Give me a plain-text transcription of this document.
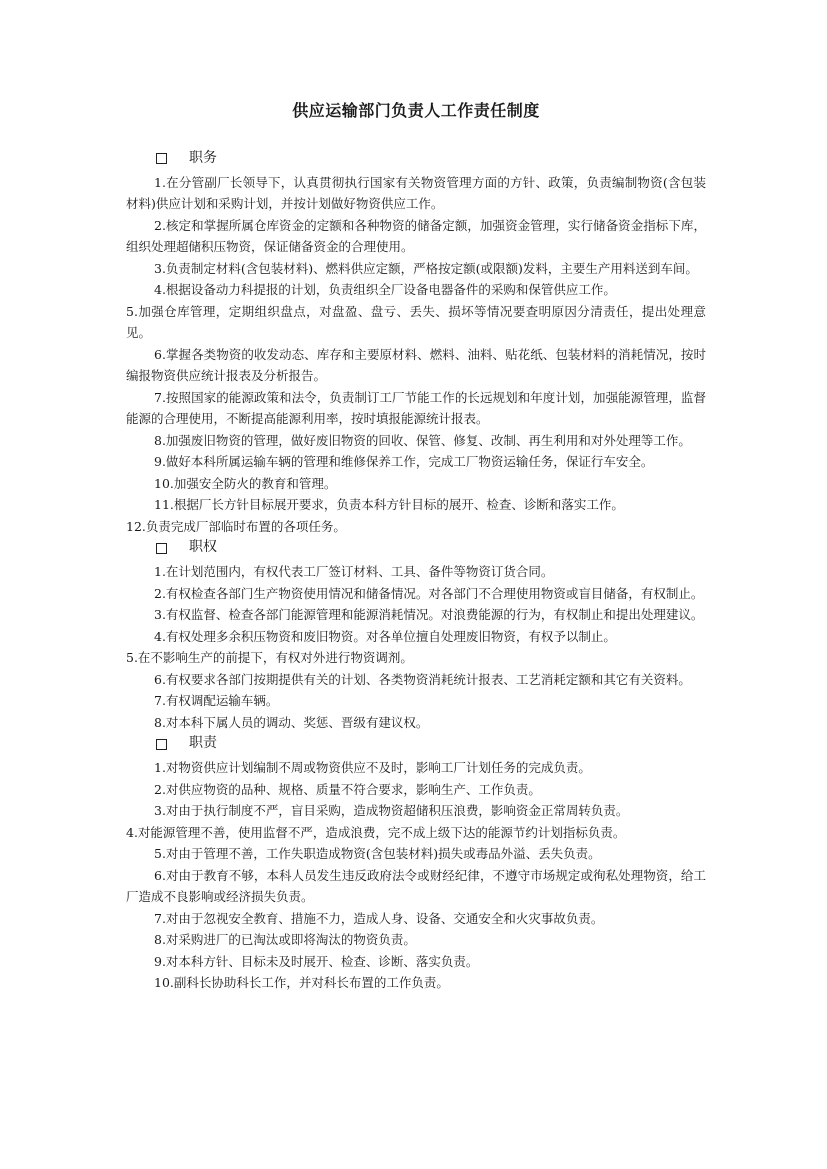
供应运输部门负责人工作责任制度
职务

1.在分管副厂长领导下，认真贯彻执行国家有关物资管理方面的方针、政策，负责编制物资(含包装材料)供应计划和采购计划，并按计划做好物资供应工作。

2.核定和掌握所属仓库资金的定额和各种物资的储备定额，加强资金管理，实行储备资金指标下库，组织处理超储积压物资，保证储备资金的合理使用。

3.负责制定材料(含包装材料)、燃料供应定额，严格按定额(或限额)发料，主要生产用料送到车间。

4.根据设备动力科提报的计划，负责组织全厂设备电器备件的采购和保管供应工作。

5.加强仓库管理，定期组织盘点，对盘盈、盘亏、丢失、损坏等情况要查明原因分清责任，提出处理意见。

6.掌握各类物资的收发动态、库存和主要原材料、燃料、油料、贴花纸、包装材料的消耗情况，按时编报物资供应统计报表及分析报告。

7.按照国家的能源政策和法令，负责制订工厂节能工作的长远规划和年度计划，加强能源管理，监督能源的合理使用，不断提高能源利用率，按时填报能源统计报表。

8.加强废旧物资的管理，做好废旧物资的回收、保管、修复、改制、再生利用和对外处理等工作。

9.做好本科所属运输车辆的管理和维修保养工作，完成工厂物资运输任务，保证行车安全。

10.加强安全防火的教育和管理。

11.根据厂长方针目标展开要求，负责本科方针目标的展开、检查、诊断和落实工作。

12.负责完成厂部临时布置的各项任务。

职权

1.在计划范围内，有权代表工厂签订材料、工具、备件等物资订货合同。

2.有权检查各部门生产物资使用情况和储备情况。对各部门不合理使用物资或盲目储备，有权制止。

3.有权监督、检查各部门能源管理和能源消耗情况。对浪费能源的行为，有权制止和提出处理建议。

4.有权处理多余积压物资和废旧物资。对各单位擅自处理废旧物资，有权予以制止。

5.在不影响生产的前提下，有权对外进行物资调剂。

6.有权要求各部门按期提供有关的计划、各类物资消耗统计报表、工艺消耗定额和其它有关资料。

7.有权调配运输车辆。

8.对本科下属人员的调动、奖惩、晋级有建议权。

职责

1.对物资供应计划编制不周或物资供应不及时，影响工厂计划任务的完成负责。

2.对供应物资的品种、规格、质量不符合要求，影响生产、工作负责。

3.对由于执行制度不严，盲目采购，造成物资超储积压浪费，影响资金正常周转负责。

4.对能源管理不善，使用监督不严，造成浪费，完不成上级下达的能源节约计划指标负责。

5.对由于管理不善，工作失职造成物资(含包装材料)损失或毒品外溢、丢失负责。

6.对由于教育不够，本科人员发生违反政府法令或财经纪律，不遵守市场规定或徇私处理物资，给工厂造成不良影响或经济损失负责。

7.对由于忽视安全教育、措施不力，造成人身、设备、交通安全和火灾事故负责。

8.对采购进厂的已淘汰或即将淘汰的物资负责。

9.对本科方针、目标未及时展开、检查、诊断、落实负责。

10.副科长协助科长工作，并对科长布置的工作负责。
